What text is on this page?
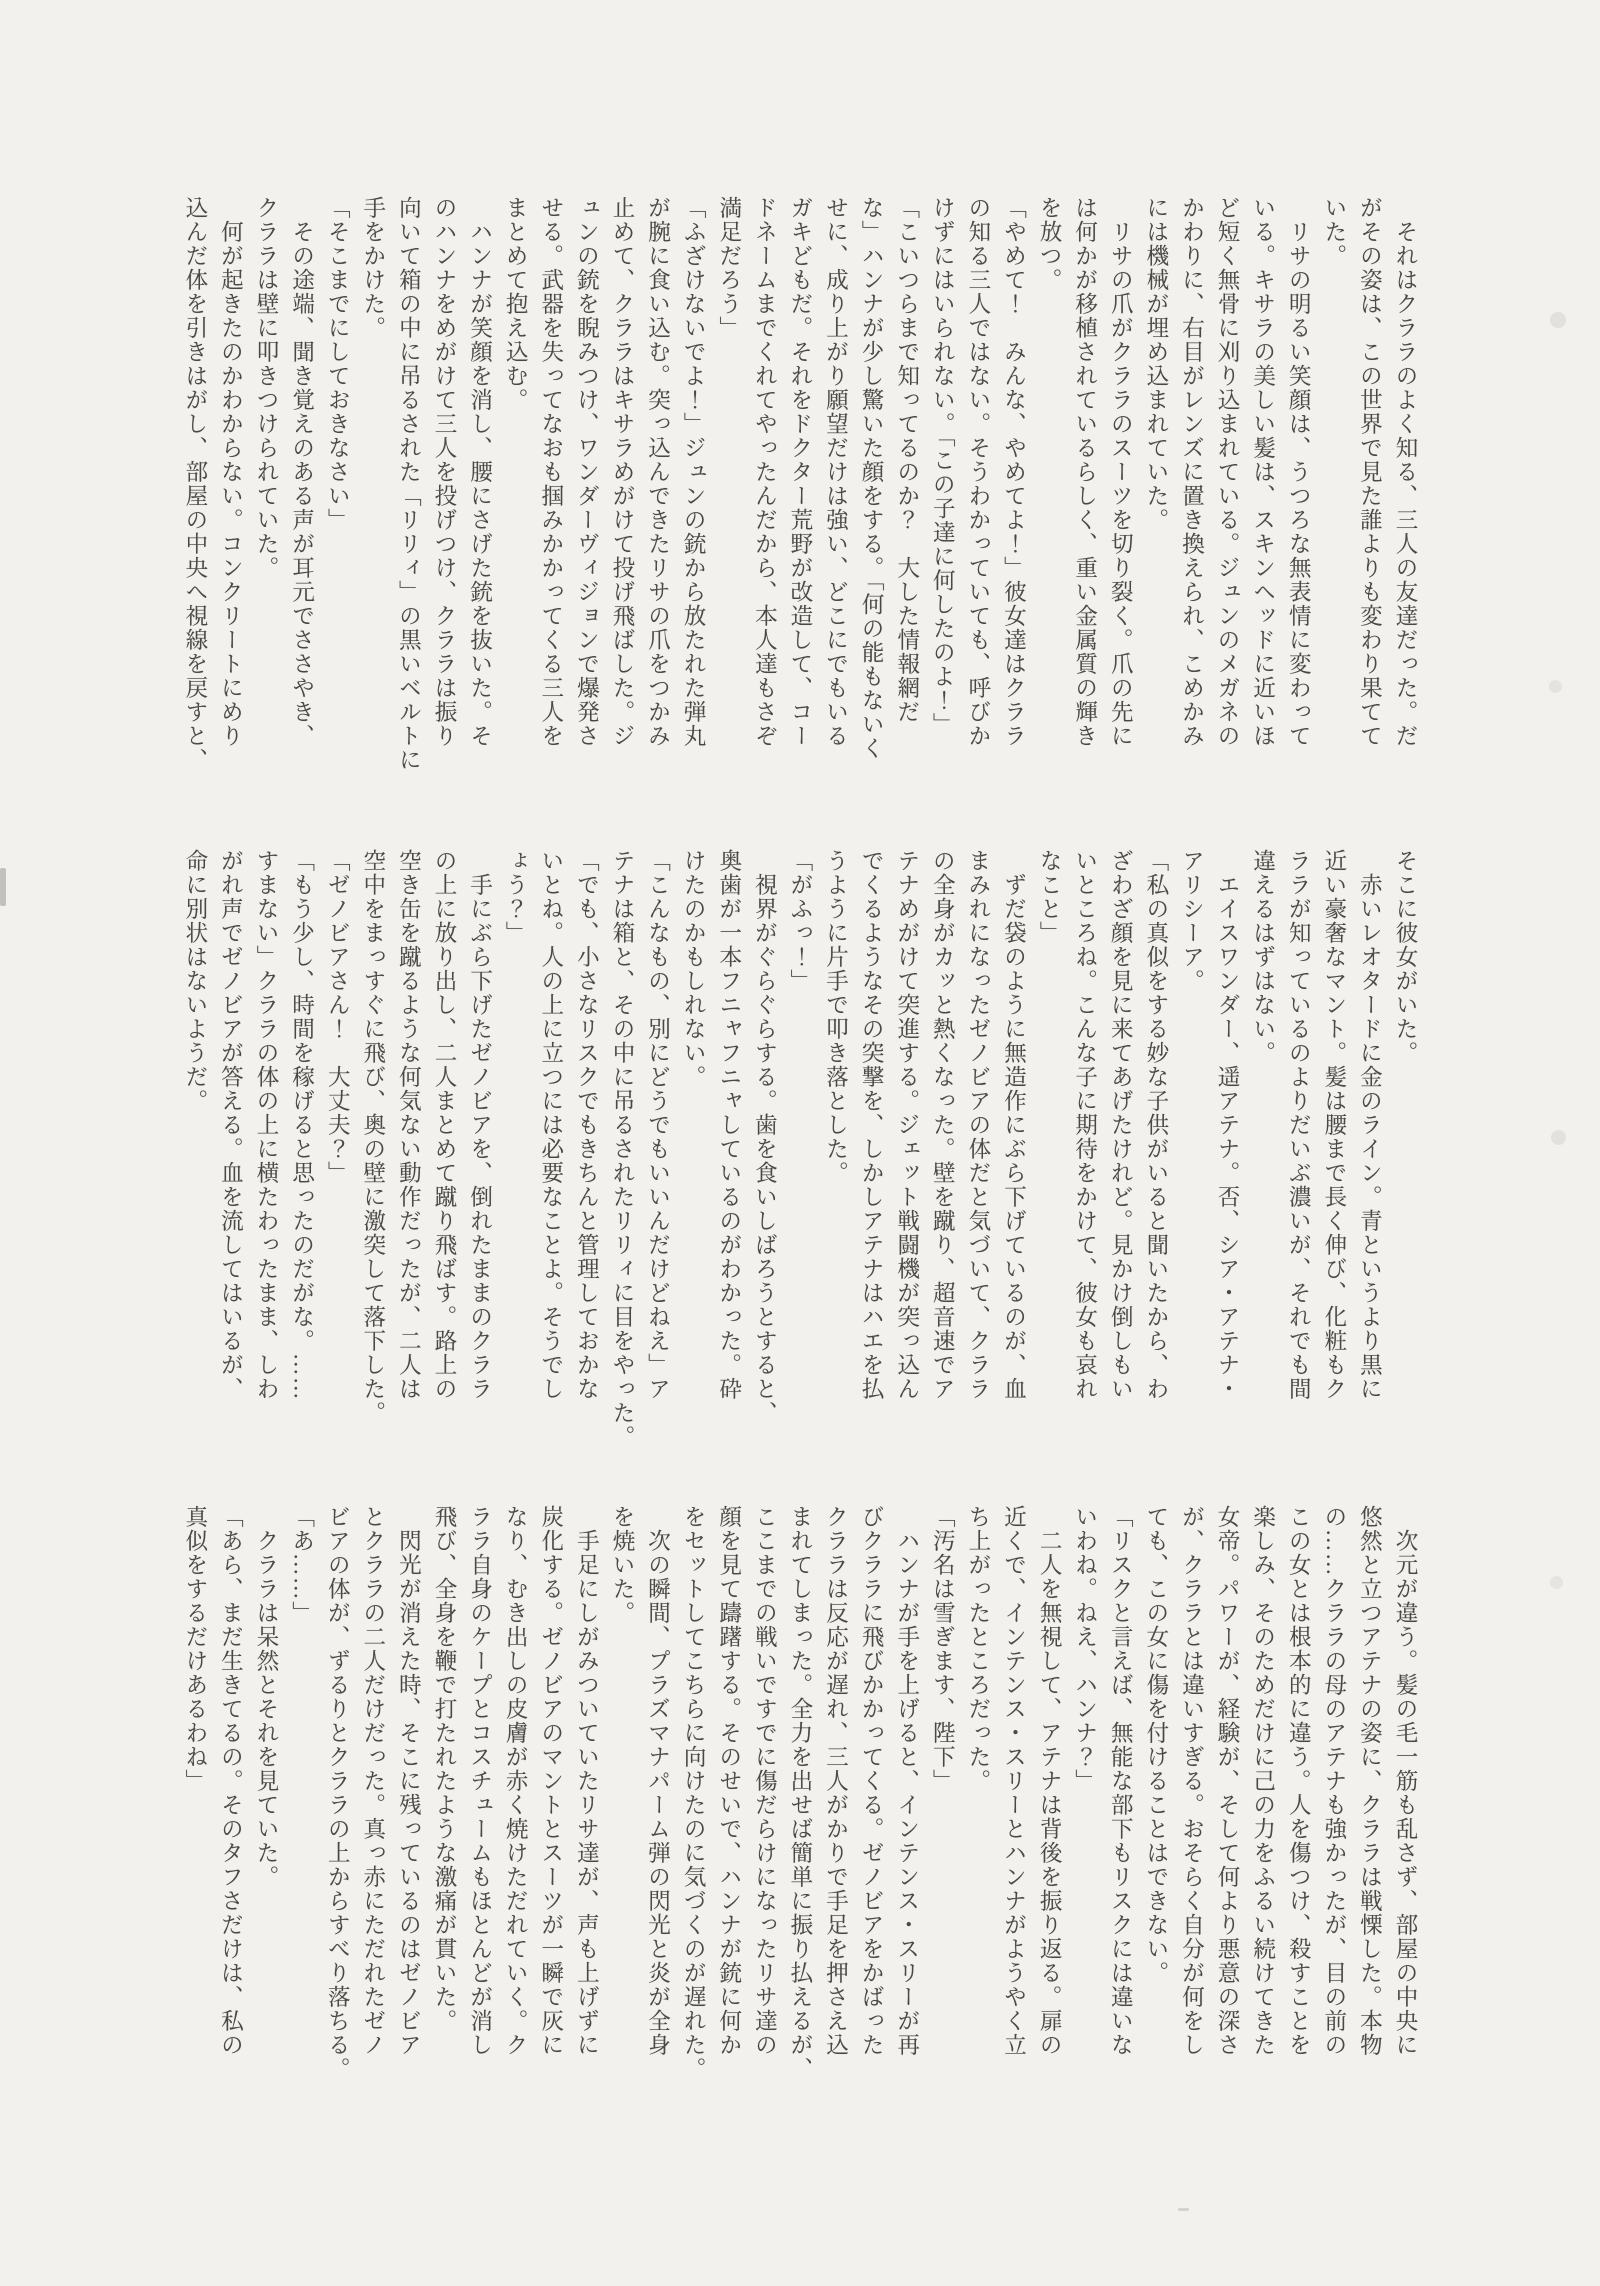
　それはクララのよく知る、三人の友達だった。だ
がその姿は、この世界で見た誰よりも変わり果てて
いた。
　リサの明るい笑顔は、うつろな無表情に変わって
いる。キサラの美しい髪は、スキンヘッドに近いほ
ど短く無骨に刈り込まれている。ジュンのメガネの
かわりに、右目がレンズに置き換えられ、こめかみ
には機械が埋め込まれていた。
　リサの爪がクララのスーツを切り裂く。爪の先に
は何かが移植されているらしく、重い金属質の輝き
を放つ。
「やめて！　みんな、やめてよ！」彼女達はクララ
の知る三人ではない。そうわかっていても、呼びか
けずにはいられない。「この子達に何したのよ！」
「こいつらまで知ってるのか？　大した情報網だ
な」ハンナが少し驚いた顔をする。「何の能もないく
せに、成り上がり願望だけは強い、どこにでもいる
ガキどもだ。それをドクター荒野が改造して、コー
ドネームまでくれてやったんだから、本人達もさぞ
満足だろう」
「ふざけないでよ！」ジュンの銃から放たれた弾丸
が腕に食い込む。突っ込んできたリサの爪をつかみ
止めて、クララはキサラめがけて投げ飛ばした。ジ
ュンの銃を睨みつけ、ワンダーヴィジョンで爆発さ
せる。武器を失ってなおも掴みかかってくる三人を
まとめて抱え込む。
　ハンナが笑顔を消し、腰にさげた銃を抜いた。そ
のハンナをめがけて三人を投げつけ、クララは振り
向いて箱の中に吊るされた「リリィ」の黒いベルトに
手をかけた。
「そこまでにしておきなさい」
　その途端、聞き覚えのある声が耳元でささやき、
クララは壁に叩きつけられていた。
　何が起きたのかわからない。コンクリートにめり
込んだ体を引きはがし、部屋の中央へ視線を戻すと、
そこに彼女がいた。
　赤いレオタードに金のライン。青というより黒に
近い豪奢なマント。髪は腰まで長く伸び、化粧もク
ララが知っているのよりだいぶ濃いが、それでも間
違えるはずはない。
　エイスワンダー、遥アテナ。否、シア・アテナ・
アリシーア。
「私の真似をする妙な子供がいると聞いたから、わ
ざわざ顔を見に来てあげたけれど。見かけ倒しもい
いところね。こんな子に期待をかけて、彼女も哀れ
なこと」
　ずだ袋のように無造作にぶら下げているのが、血
まみれになったゼノビアの体だと気づいて、クララ
の全身がカッと熱くなった。壁を蹴り、超音速でア
テナめがけて突進する。ジェット戦闘機が突っ込ん
でくるようなその突撃を、しかしアテナはハエを払
うように片手で叩き落とした。
「がふっ！」
　視界がぐらぐらする。歯を食いしばろうとすると、
奥歯が一本フニャフニャしているのがわかった。砕
けたのかもしれない。
「こんなもの、別にどうでもいいんだけどねえ」ア
テナは箱と、その中に吊るされたリリィに目をやった。
「でも、小さなリスクでもきちんと管理しておかな
いとね。人の上に立つには必要なことよ。そうでし
ょう？」
　手にぶら下げたゼノビアを、倒れたままのクララ
の上に放り出し、二人まとめて蹴り飛ばす。路上の
空き缶を蹴るような何気ない動作だったが、二人は
空中をまっすぐに飛び、奥の壁に激突して落下した。
「ゼノビアさん！　大丈夫？」
「もう少し、時間を稼げると思ったのだがな。……
すまない」クララの体の上に横たわったまま、しわ
がれ声でゼノビアが答える。血を流してはいるが、
命に別状はないようだ。
　次元が違う。髪の毛一筋も乱さず、部屋の中央に
悠然と立つアテナの姿に、クララは戦慄した。本物
の……クララの母のアテナも強かったが、目の前の
この女とは根本的に違う。人を傷つけ、殺すことを
楽しみ、そのためだけに己の力をふるい続けてきた
女帝。パワーが、経験が、そして何より悪意の深さ
が、クララとは違いすぎる。おそらく自分が何をし
ても、この女に傷を付けることはできない。
「リスクと言えば、無能な部下もリスクには違いな
いわね。ねえ、ハンナ？」
　二人を無視して、アテナは背後を振り返る。扉の
近くで、インテンス・スリーとハンナがようやく立
ち上がったところだった。
「汚名は雪ぎます、陛下」
　ハンナが手を上げると、インテンス・スリーが再
びクララに飛びかかってくる。ゼノビアをかばった
クララは反応が遅れ、三人がかりで手足を押さえ込
まれてしまった。全力を出せば簡単に振り払えるが、
ここまでの戦いですでに傷だらけになったリサ達の
顔を見て躊躇する。そのせいで、ハンナが銃に何か
をセットしてこちらに向けたのに気づくのが遅れた。
　次の瞬間、プラズマナパーム弾の閃光と炎が全身
を焼いた。
　手足にしがみついていたリサ達が、声も上げずに
炭化する。ゼノビアのマントとスーツが一瞬で灰に
なり、むき出しの皮膚が赤く焼けただれていく。ク
ララ自身のケープとコスチュームもほとんどが消し
飛び、全身を鞭で打たれたような激痛が貫いた。
　閃光が消えた時、そこに残っているのはゼノビア
とクララの二人だけだった。真っ赤にただれたゼノ
ビアの体が、ずるりとクララの上からすべり落ちる。
「あ……」
　クララは呆然とそれを見ていた。
「あら、まだ生きてるの。そのタフさだけは、私の
真似をするだけあるわね」
